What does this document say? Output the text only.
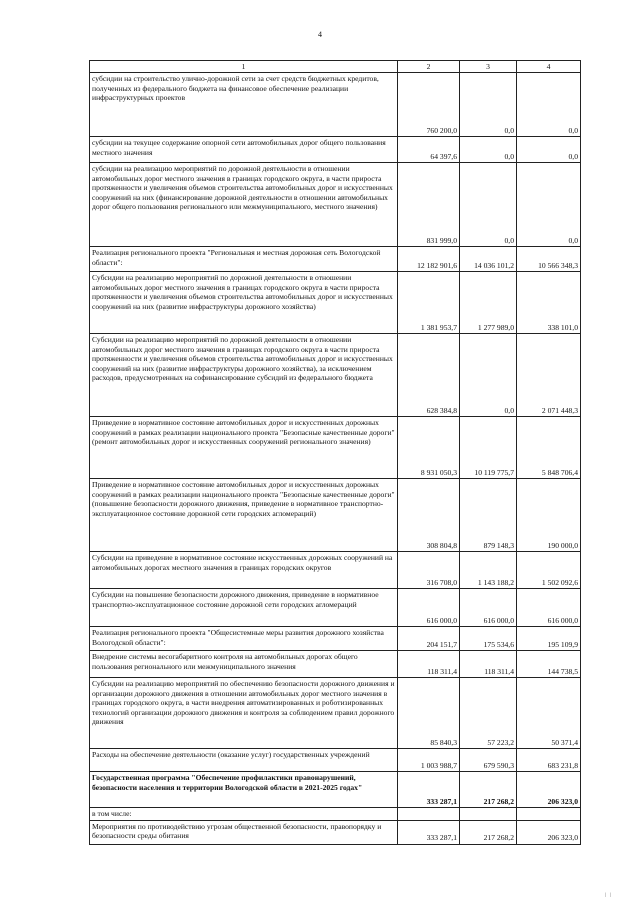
4
1	2	3	4
субсидии на строительство улично-дорожной сети за счет средств бюджетных кредитов, полученных из федерального бюджета на финансовое обеспечение реализации инфраструктурных проектов	760 200,0	0,0	0,0
субсидии на текущее содержание опорной сети автомобильных дорог общего пользования местного значения	64 397,6	0,0	0,0
субсидии на реализацию мероприятий по дорожной деятельности в отношении автомобильных дорог местного значения в границах городского округа, в части прироста протяженности и увеличения объемов строительства автомобильных дорог и искусственных сооружений на них (финансирование дорожной деятельности в отношении автомобильных дорог общего пользования регионального или межмуниципального, местного значения)	831 999,0	0,0	0,0
Реализация регионального проекта "Региональная и местная дорожная сеть Вологодской области":	12 182 901,6	14 036 101,2	10 566 348,3
Субсидии на реализацию мероприятий по дорожной деятельности в отношении автомобильных дорог местного значения в границах городского округа в части прироста протяженности и увеличения объемов строительства автомобильных дорог и искусственных сооружений на них (развитие инфраструктуры дорожного хозяйства)	1 381 953,7	1 277 989,0	338 101,0
Субсидии на реализацию мероприятий по дорожной деятельности в отношении автомобильных дорог местного значения в границах городского округа в части прироста протяженности и увеличения объемов строительства автомобильных дорог и искусственных сооружений на них (развитие инфраструктуры дорожного хозяйства), за исключением расходов, предусмотренных на софинансирование субсидий из федерального бюджета	628 384,8	0,0	2 071 448,3
Приведение в нормативное состояние автомобильных дорог и искусственных дорожных сооружений в рамках реализации национального проекта "Безопасные качественные дороги" (ремонт автомобильных дорог и искусственных сооружений регионального значения)	8 931 050,3	10 119 775,7	5 848 706,4
Приведение в нормативное состояние автомобильных дорог и искусственных дорожных сооружений в рамках реализации национального проекта "Безопасные качественные дороги" (повышение безопасности дорожного движения, приведение в нормативное транспортно-эксплуатационное состояние дорожной сети городских агломераций)	308 804,8	879 148,3	190 000,0
Субсидии на приведение в нормативное состояние искусственных дорожных сооружений на автомобильных дорогах местного значения в границах городских округов	316 708,0	1 143 188,2	1 502 092,6
Субсидии на повышение безопасности дорожного движения, приведение в нормативное транспортно-эксплуатационное состояние дорожной сети городских агломераций	616 000,0	616 000,0	616 000,0
Реализация регионального проекта "Общесистемные меры развития дорожного хозяйства Вологодской области":	204 151,7	175 534,6	195 109,9
Внедрение системы весогабаритного контроля на автомобильных дорогах общего пользования регионального или межмуниципального значения	118 311,4	118 311,4	144 738,5
Субсидии на реализацию мероприятий по обеспечению безопасности дорожного движения и организации дорожного движения в отношении автомобильных дорог местного значения в границах городского округа, в части внедрения автоматизированных и роботизированных технологий организации дорожного движения и контроля за соблюдением правил дорожного движения	85 840,3	57 223,2	50 371,4
Расходы на обеспечение деятельности (оказание услуг) государственных учреждений	1 003 988,7	679 590,3	683 231,8
Государственная программа "Обеспечение профилактики правонарушений, безопасности населения и территории Вологодской области в 2021-2025 годах"	333 287,1	217 268,2	206 323,0
в том числе:			
Мероприятия по противодействию угрозам общественной безопасности, правопорядку и безопасности среды обитания	333 287,1	217 268,2	206 323,0
| |
